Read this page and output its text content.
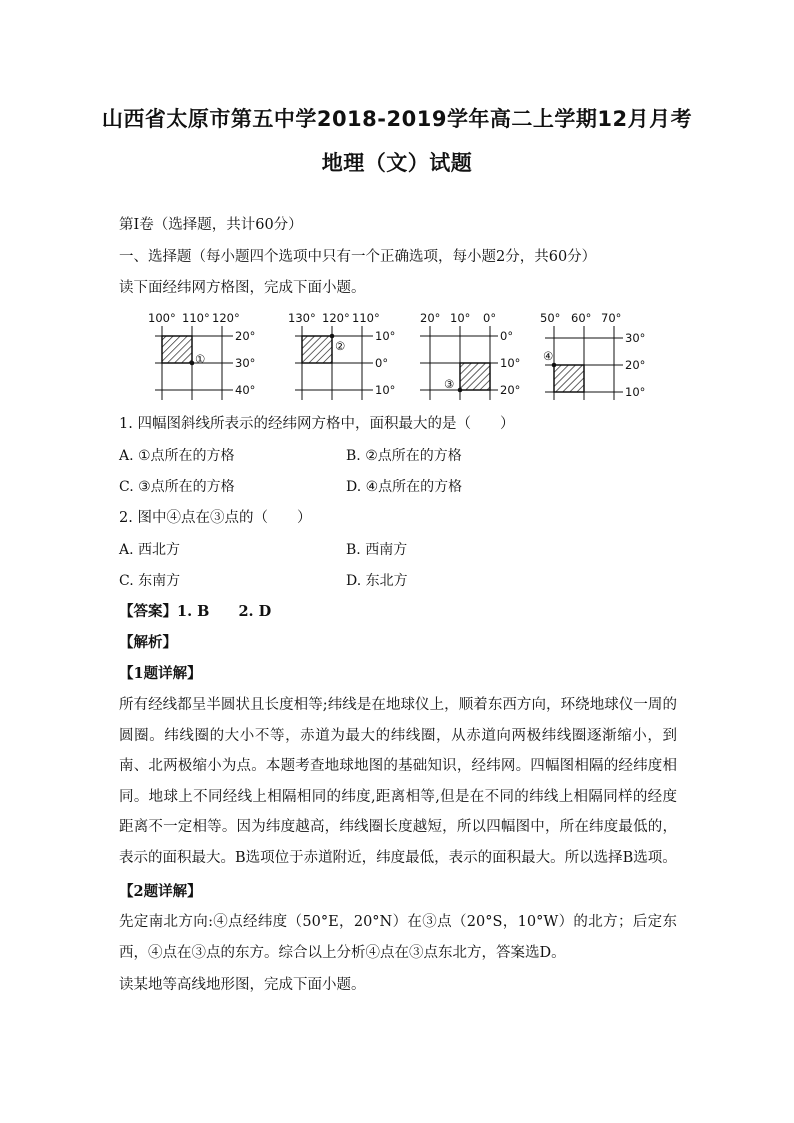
山西省太原市第五中学2018-2019学年高二上学期12月月考
地理（文）试题
第Ⅰ卷（选择题，共计60分）
一、选择题（每小题四个选项中只有一个正确选项，每小题2分，共60分）
读下面经纬网方格图，完成下面小题。
100° 110° 120°
20°
30°
40°
①
130° 120° 110°
10°
0°
10°
②
20° 10° 0°
0°
10°
20°
③
50° 60° 70°
30°
20°
10°
④
1. 四幅图斜线所表示的经纬网方格中，面积最大的是（　　）
A. ①点所在的方格	B. ②点所在的方格
C. ③点所在的方格	D. ④点所在的方格
2. 图中④点在③点的（　　）
A. 西北方	B. 西南方
C. 东南方	D. 东北方
【答案】1. B　　2. D
【解析】
【1题详解】
所有经线都呈半圆状且长度相等;纬线是在地球仪上，顺着东西方向，环绕地球仪一周的圆圈。纬线圈的大小不等，赤道为最大的纬线圈，从赤道向两极纬线圈逐渐缩小，到南、北两极缩小为点。本题考查地球地图的基础知识，经纬网。四幅图相隔的经纬度相同。地球上不同经线上相隔相同的纬度,距离相等,但是在不同的纬线上相隔同样的经度距离不一定相等。因为纬度越高，纬线圈长度越短，所以四幅图中，所在纬度最低的，表示的面积最大。B选项位于赤道附近，纬度最低，表示的面积最大。所以选择B选项。
【2题详解】
先定南北方向:④点经纬度（50°E，20°N）在③点（20°S，10°W）的北方；后定东西，④点在③点的东方。综合以上分析④点在③点东北方，答案选D。
读某地等高线地形图，完成下面小题。
